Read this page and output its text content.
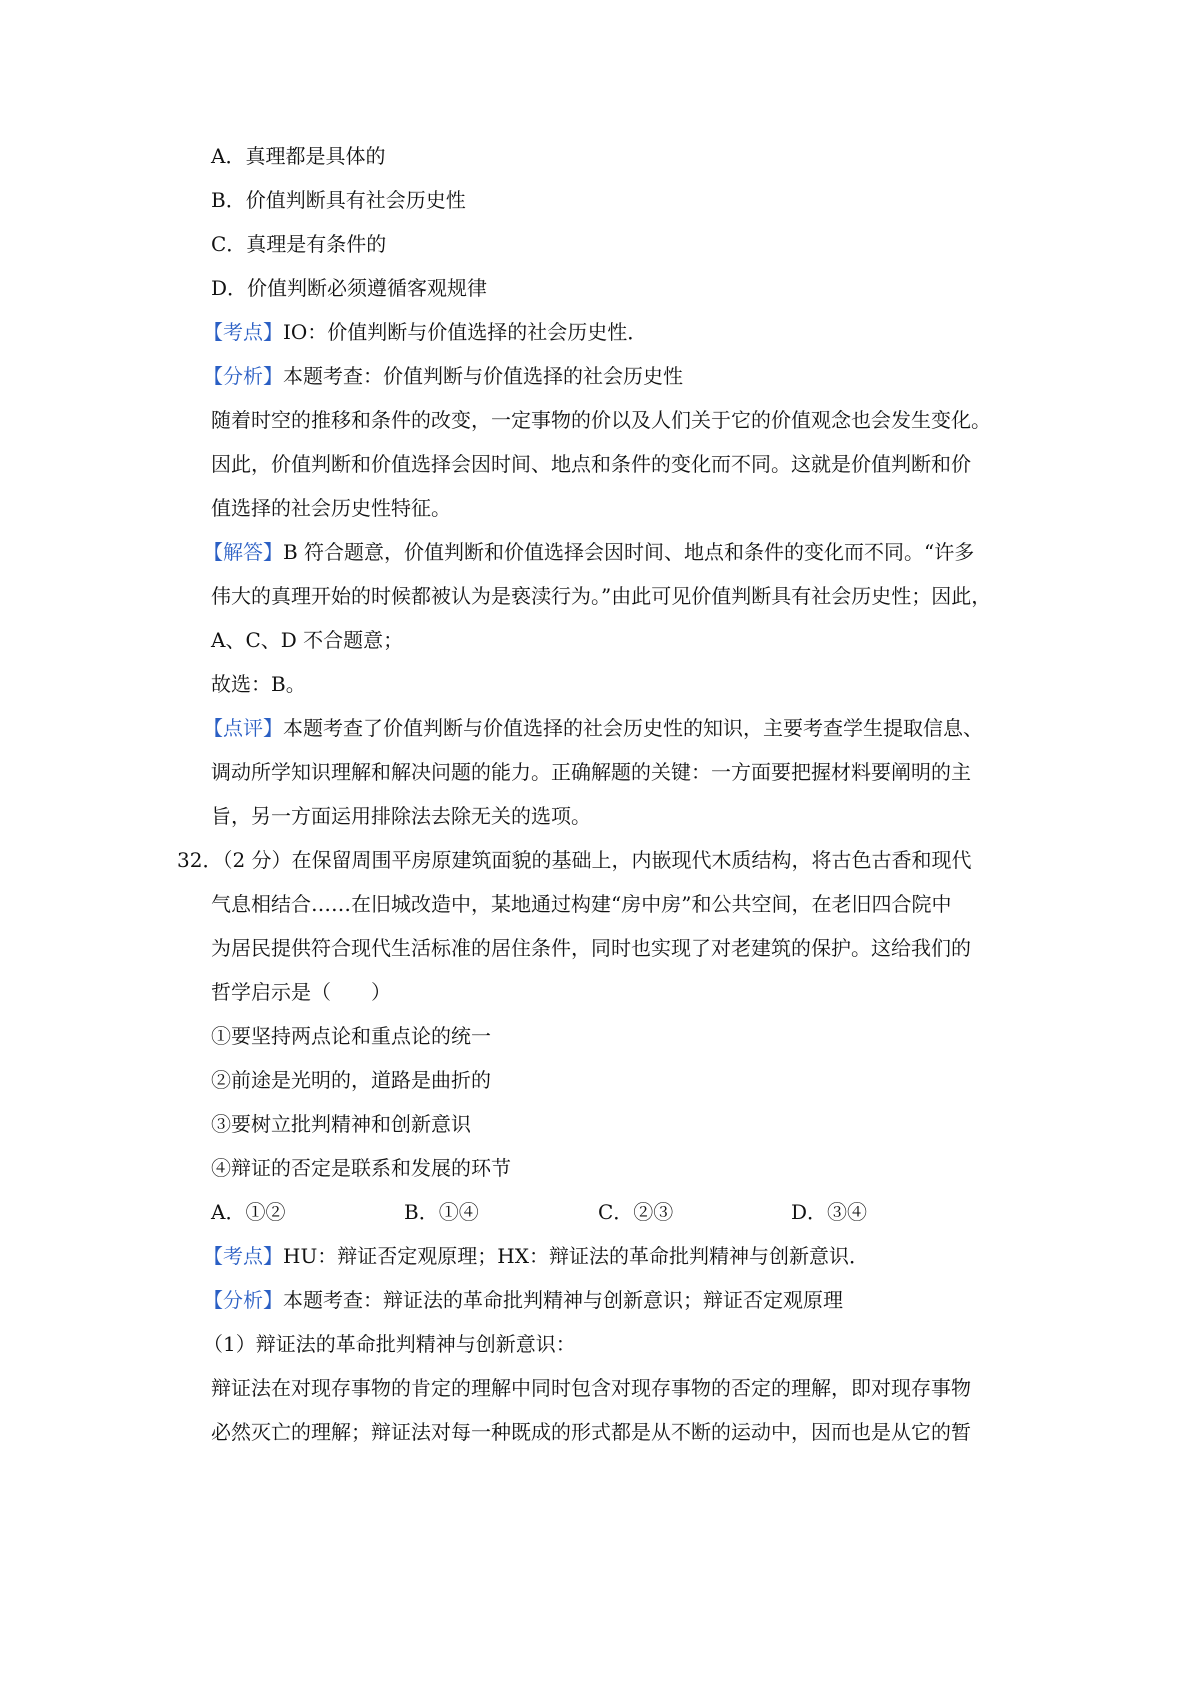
A．真理都是具体的
B．价值判断具有社会历史性
C．真理是有条件的
D．价值判断必须遵循客观规律
【考点】IO：价值判断与价值选择的社会历史性．
【分析】本题考查：价值判断与价值选择的社会历史性
随着时空的推移和条件的改变，一定事物的价以及人们关于它的价值观念也会发生变化。
因此，价值判断和价值选择会因时间、地点和条件的变化而不同。这就是价值判断和价
值选择的社会历史性特征。
【解答】B 符合题意，价值判断和价值选择会因时间、地点和条件的变化而不同。“许多
伟大的真理开始的时候都被认为是亵渎行为。”由此可见价值判断具有社会历史性；因此，
A、C、D 不合题意；
故选：B。
【点评】本题考查了价值判断与价值选择的社会历史性的知识，主要考查学生提取信息、
调动所学知识理解和解决问题的能力。正确解题的关键：一方面要把握材料要阐明的主
旨，另一方面运用排除法去除无关的选项。
32．（2 分）在保留周围平房原建筑面貌的基础上，内嵌现代木质结构，将古色古香和现代
气息相结合……在旧城改造中，某地通过构建“房中房”和公共空间，在老旧四合院中
为居民提供符合现代生活标准的居住条件，同时也实现了对老建筑的保护。这给我们的
哲学启示是（　　）
①要坚持两点论和重点论的统一
②前途是光明的，道路是曲折的
③要树立批判精神和创新意识
④辩证的否定是联系和发展的环节
A．①②	B．①④	C．②③	D．③④
【考点】HU：辩证否定观原理；HX：辩证法的革命批判精神与创新意识．
【分析】本题考查：辩证法的革命批判精神与创新意识；辩证否定观原理
（1）辩证法的革命批判精神与创新意识：
辩证法在对现存事物的肯定的理解中同时包含对现存事物的否定的理解，即对现存事物
必然灭亡的理解；辩证法对每一种既成的形式都是从不断的运动中，因而也是从它的暂
